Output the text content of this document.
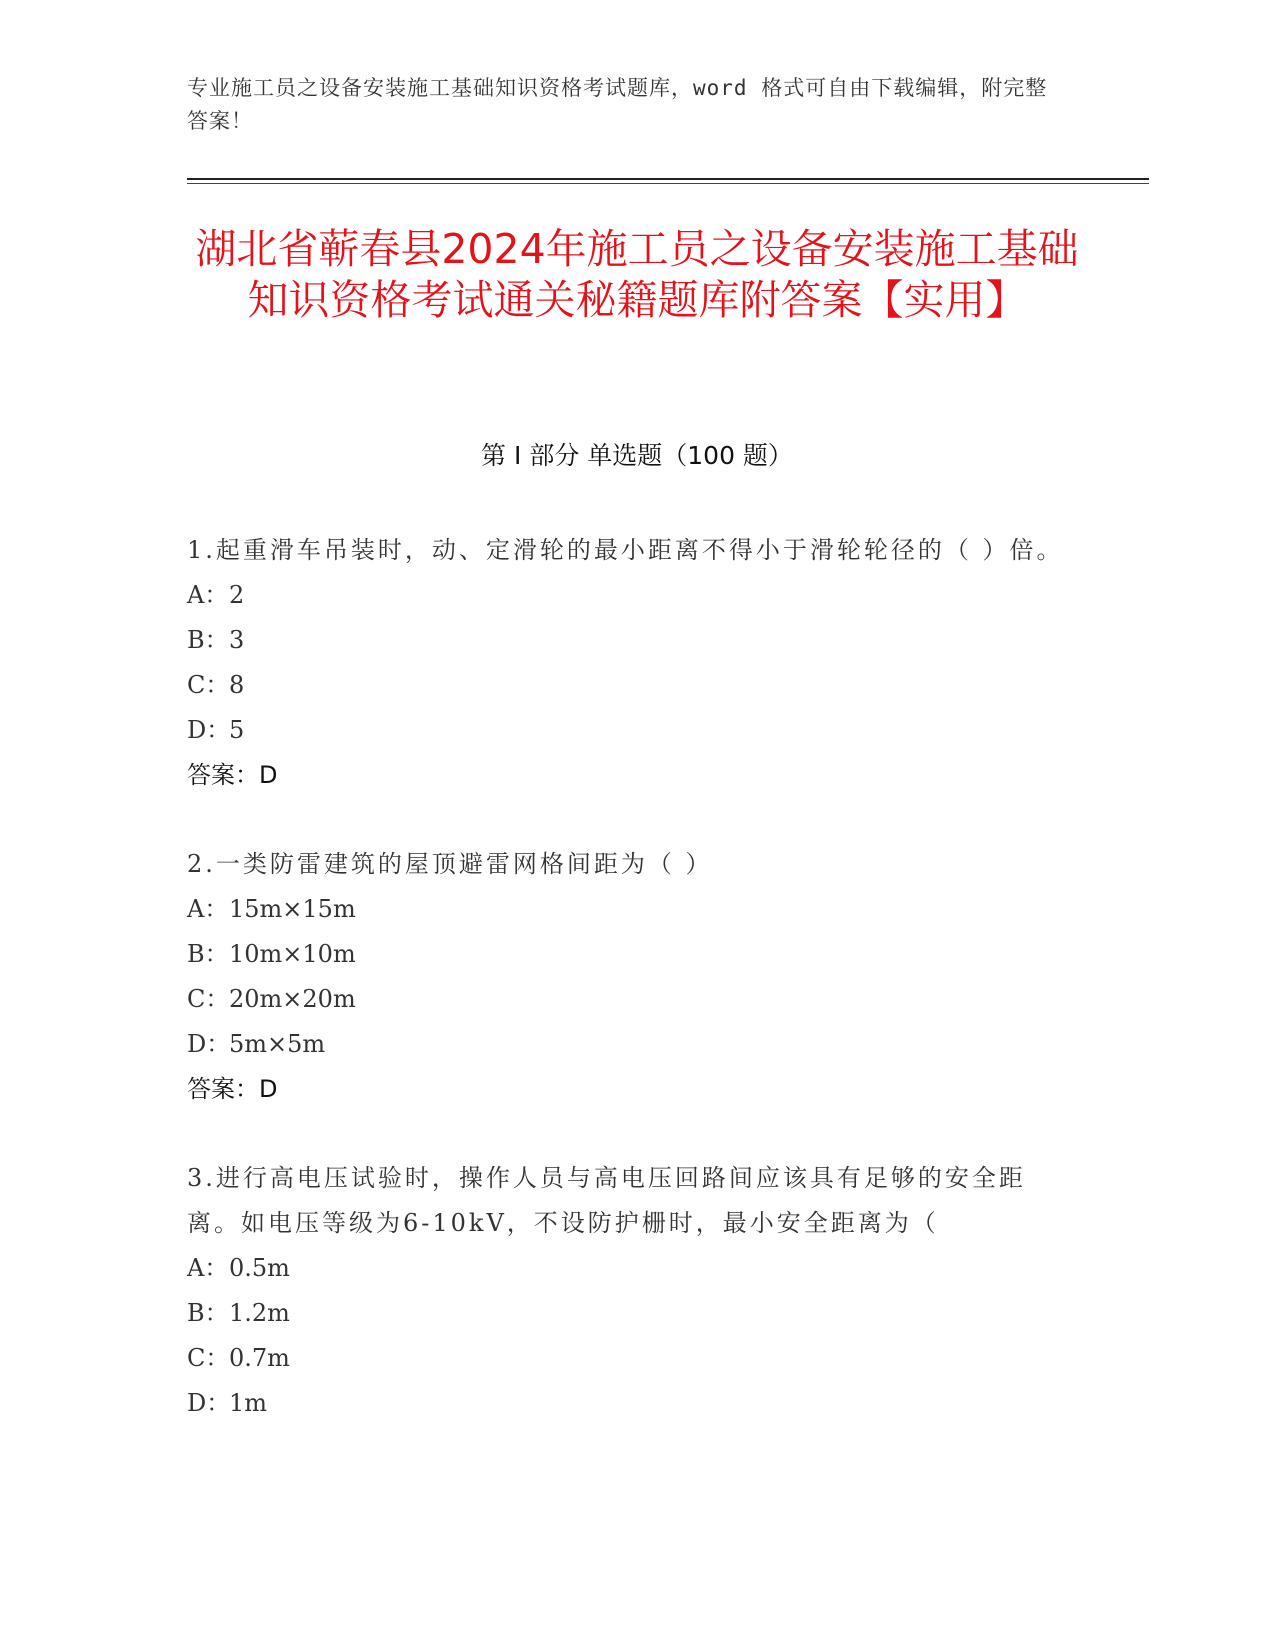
专业施工员之设备安装施工基础知识资格考试题库，word 格式可自由下载编辑，附完整答案！
湖北省蕲春县2024年施工员之设备安装施工基础知识资格考试通关秘籍题库附答案【实用】
第 I 部分 单选题（100 题）

1.起重滑车吊装时，动、定滑轮的最小距离不得小于滑轮轮径的（ ）倍。

A：2

B：3

C：8

D：5

答案：D

2.一类防雷建筑的屋顶避雷网格间距为（ ）

A：15m×15m

B：10m×10m

C：20m×20m

D：5m×5m

答案：D

3.进行高电压试验时，操作人员与高电压回路间应该具有足够的安全距离。如电压等级为6-10kV，不设防护栅时，最小安全距离为（

A：0.5m

B：1.2m

C：0.7m

D：1m
